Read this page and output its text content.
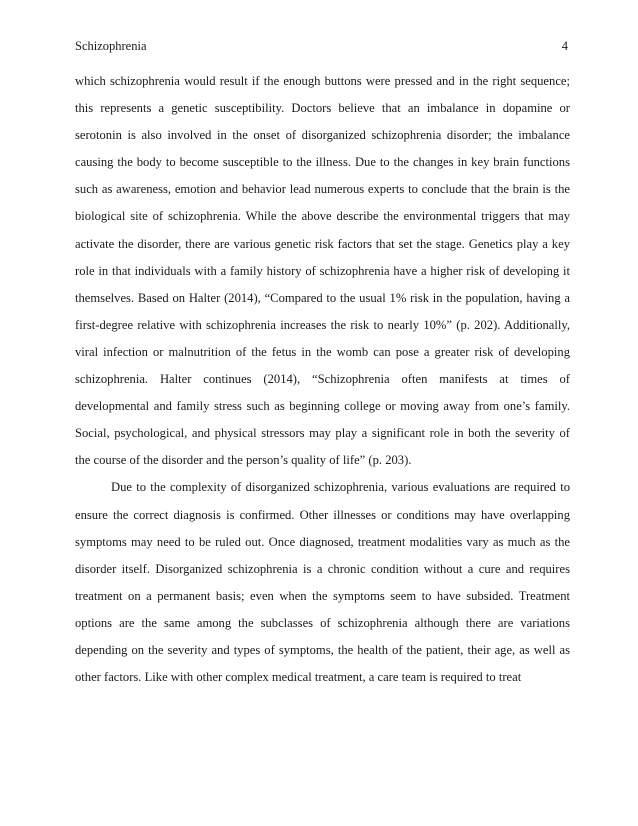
Schizophrenia	4
which schizophrenia would result if the enough buttons were pressed and in the right sequence;
this represents a genetic susceptibility. Doctors believe that an imbalance in dopamine or
serotonin is also involved in the onset of disorganized schizophrenia disorder; the imbalance
causing the body to become susceptible to the illness. Due to the changes in key brain functions
such as awareness, emotion and behavior lead numerous experts to conclude that the brain is the
biological site of schizophrenia. While the above describe the environmental triggers that may
activate the disorder, there are various genetic risk factors that set the stage. Genetics play a key
role in that individuals with a family history of schizophrenia have a higher risk of developing it
themselves. Based on Halter (2014), “Compared to the usual 1% risk in the population, having a
first-degree relative with schizophrenia increases the risk to nearly 10%” (p. 202). Additionally,
viral infection or malnutrition of the fetus in the womb can pose a greater risk of developing
schizophrenia. Halter continues (2014), “Schizophrenia often manifests at times of
developmental and family stress such as beginning college or moving away from one’s family.
Social, psychological, and physical stressors may play a significant role in both the severity of
the course of the disorder and the person’s quality of life” (p. 203).
Due to the complexity of disorganized schizophrenia, various evaluations are required to
ensure the correct diagnosis is confirmed. Other illnesses or conditions may have overlapping
symptoms may need to be ruled out. Once diagnosed, treatment modalities vary as much as the
disorder itself. Disorganized schizophrenia is a chronic condition without a cure and requires
treatment on a permanent basis; even when the symptoms seem to have subsided. Treatment
options are the same among the subclasses of schizophrenia although there are variations
depending on the severity and types of symptoms, the health of the patient, their age, as well as
other factors. Like with other complex medical treatment, a care team is required to treat
